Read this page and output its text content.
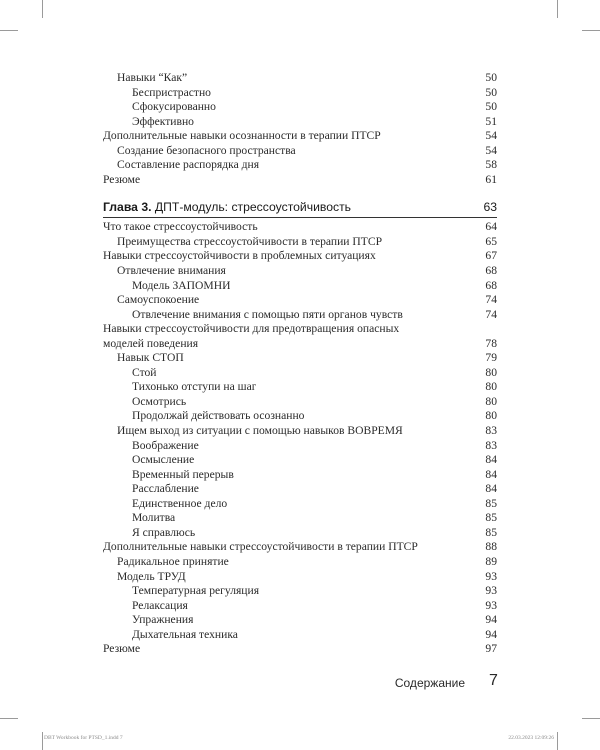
Навыки “Как”	50
Беспристрастно	50
Сфокусированно	50
Эффективно	51
Дополнительные навыки осознанности в терапии ПТСР	54
Создание безопасного пространства	54
Составление распорядка дня	58
Резюме	61
Глава 3. ДПТ-модуль: стрессоустойчивость	63
Что такое стрессоустойчивость	64
Преимущества стрессоустойчивости в терапии ПТСР	65
Навыки стрессоустойчивости в проблемных ситуациях	67
Отвлечение внимания	68
Модель ЗАПОМНИ	68
Самоуспокоение	74
Отвлечение внимания с помощью пяти органов чувств	74
Навыки стрессоустойчивости для предотвращения опасных
моделей поведения	78
Навык СТОП	79
Стой	80
Тихонько отступи на шаг	80
Осмотрись	80
Продолжай действовать осознанно	80
Ищем выход из ситуации с помощью навыков ВОВРЕМЯ	83
Воображение	83
Осмысление	84
Временный перерыв	84
Расслабление	84
Единственное дело	85
Молитва	85
Я справлюсь	85
Дополнительные навыки стрессоустойчивости в терапии ПТСР	88
Радикальное принятие	89
Модель ТРУД	93
Температурная регуляция	93
Релаксация	93
Упражнения	94
Дыхательная техника	94
Резюме	97
Содержание 7
DBT Workbook for PTSD_1.indd 7	22.03.2023 12:09:26
